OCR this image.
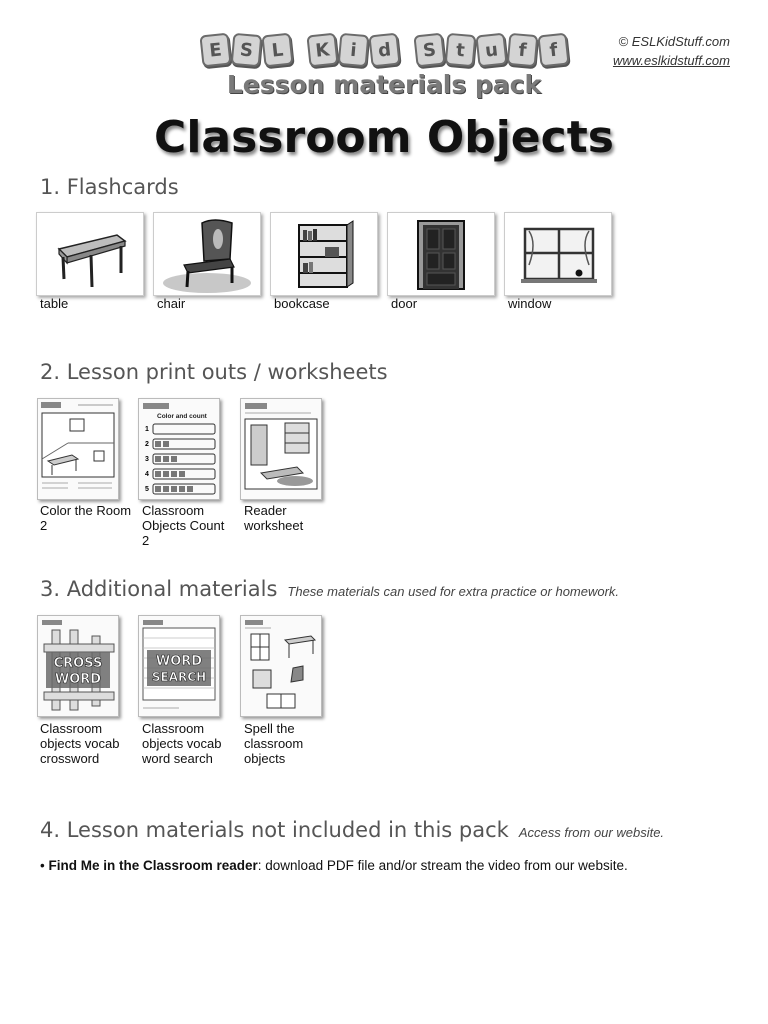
© ESLKidStuff.com
www.eslkidstuff.com
E S L	K	i	d	S	t	u	f	f
Lesson materials pack
Classroom Objects
1. Flashcards
table	chair	bookcase	door	window
2. Lesson print outs / worksheets
Color and count
1
2
3
4
5
Color the Room 2
Classroom Objects Count 2
Reader worksheet
3. Additional materials These materials can used for extra practice or homework.
CROSS
WORD
WORD
SEARCH
Classroom objects vocab crossword
Classroom objects vocab word search
Spell the classroom objects
4. Lesson materials not included in this pack Access from our website.
• Find Me in the Classroom reader: download PDF file and/or stream the video from our website.
